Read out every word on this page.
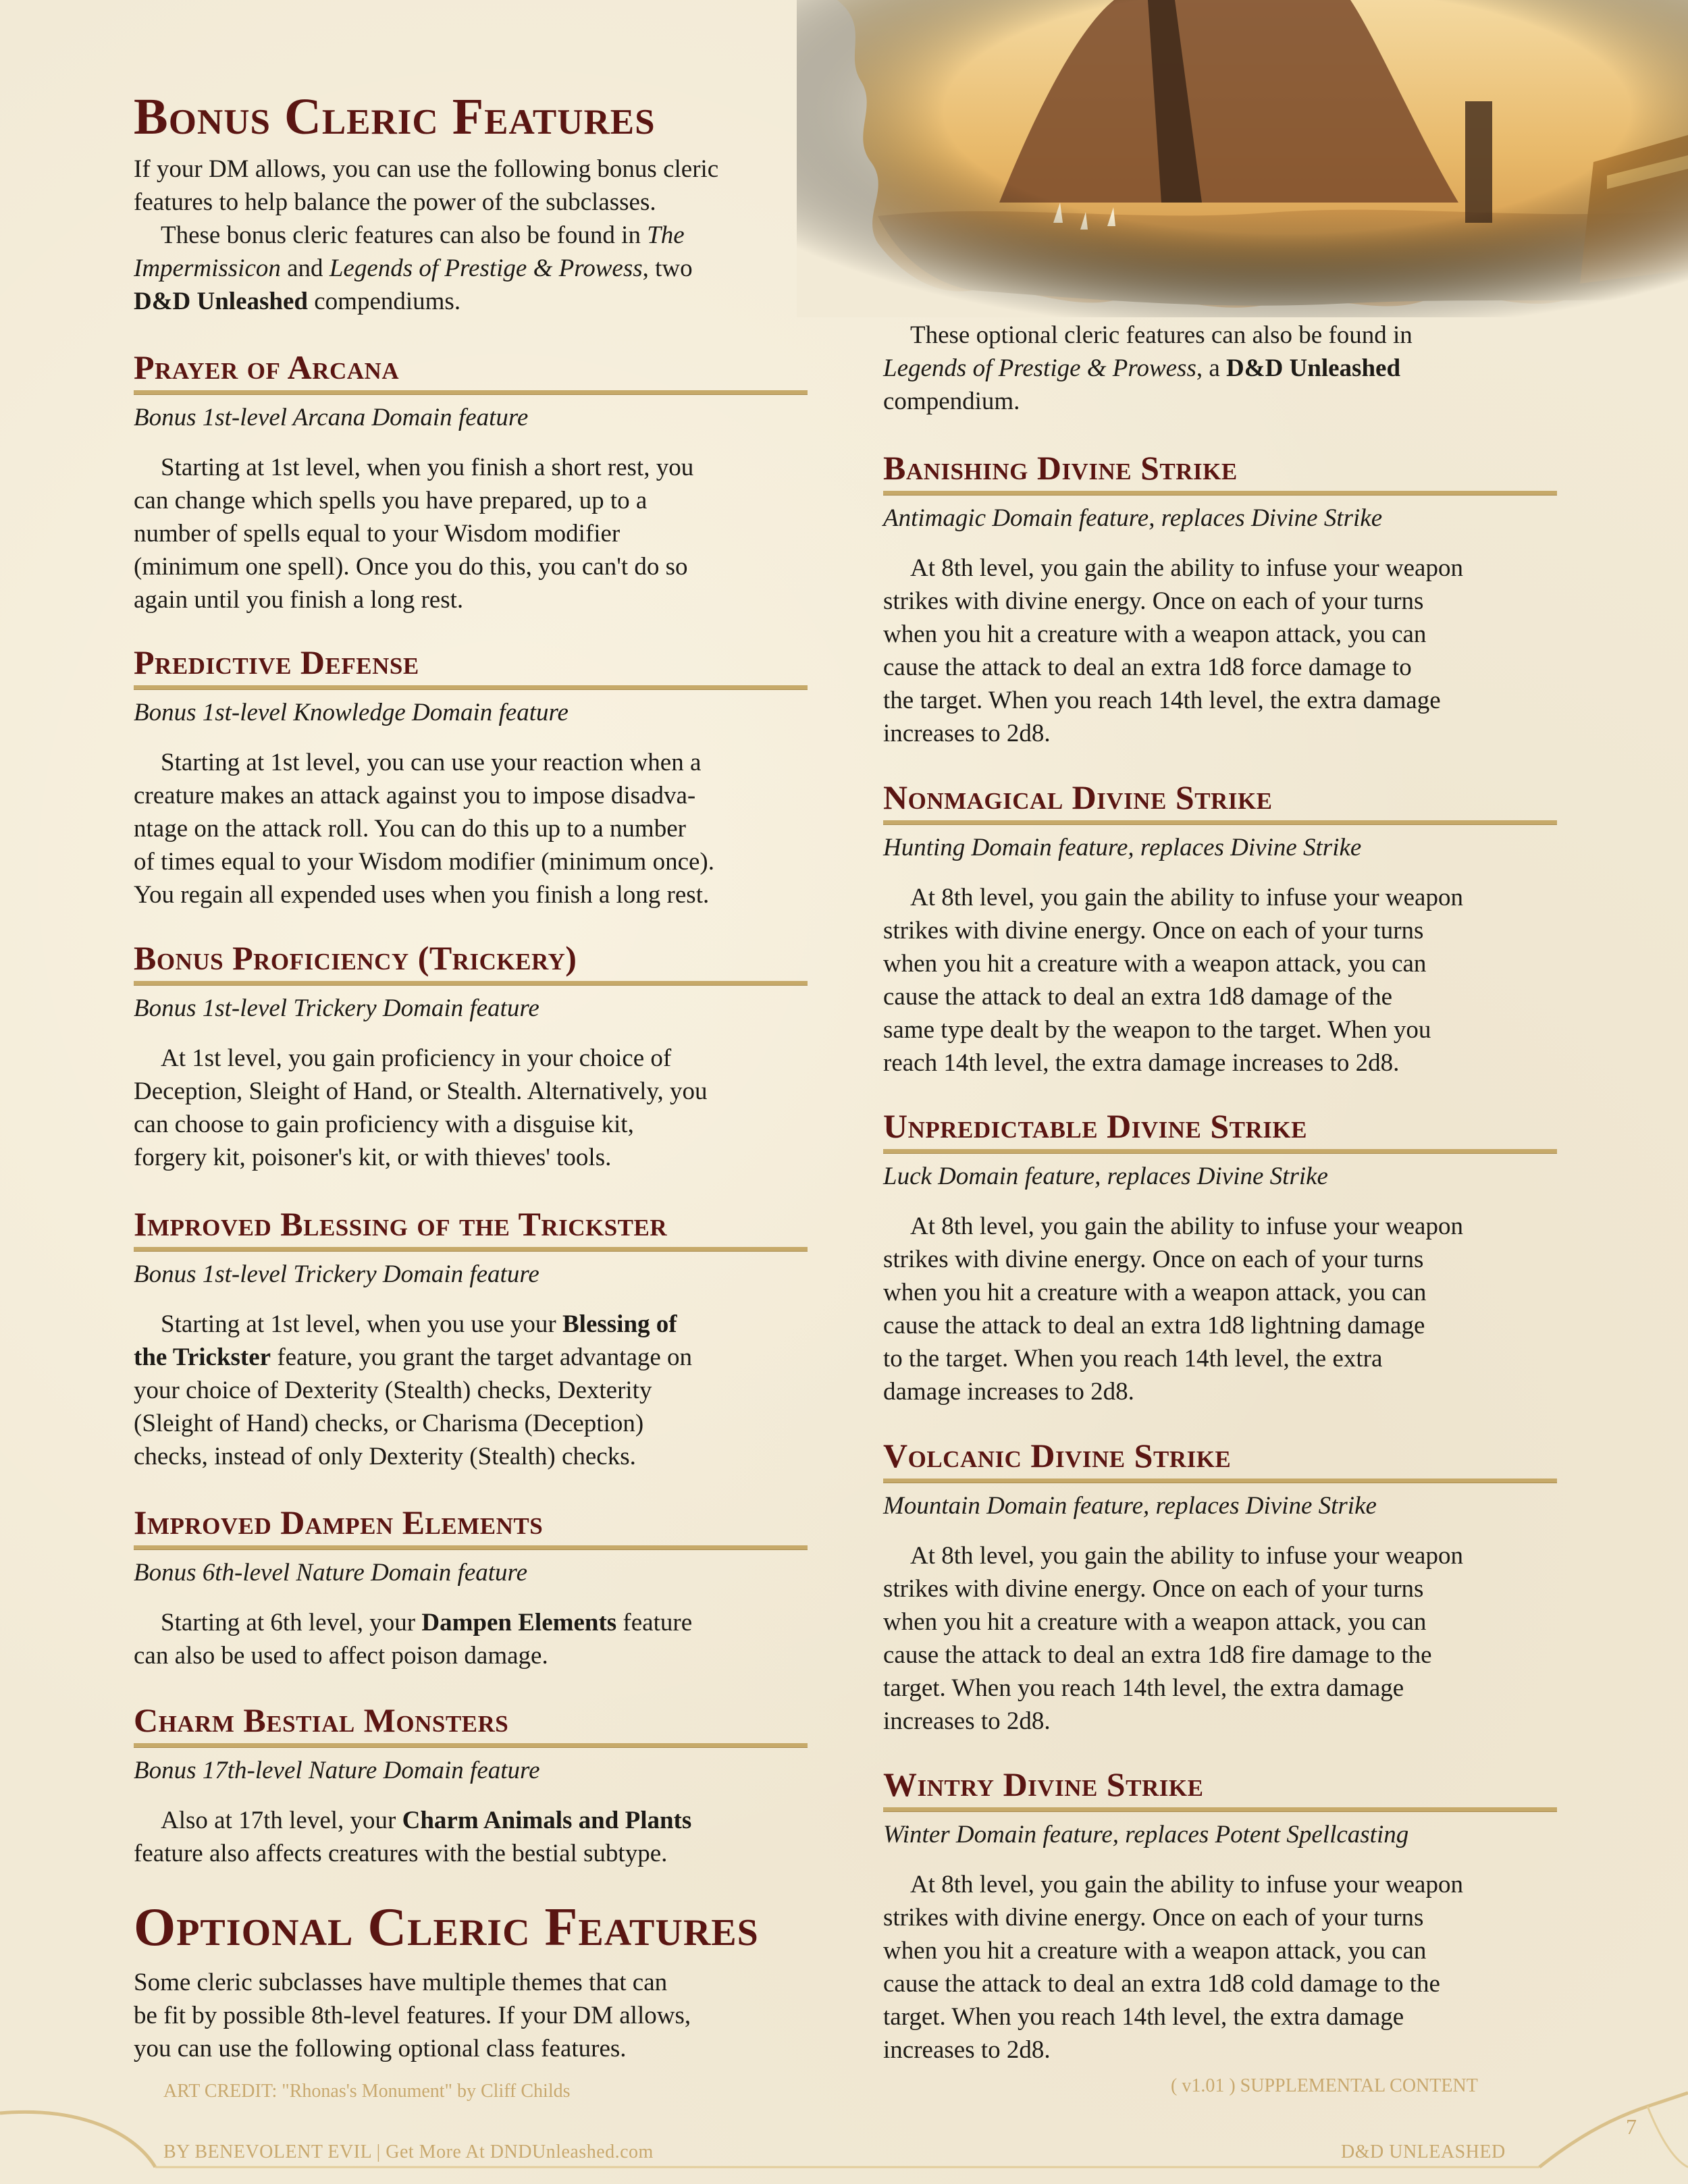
Bonus Cleric Features

If your DM allows, you can use the following bonus cleric

features to help balance the power of the subclasses.

These bonus cleric features can also be found in The

Impermissicon and Legends of Prestige & Prowess, two

D&D Unleashed compendiums.

Prayer of Arcana

Bonus 1st-level Arcana Domain feature

Starting at 1st level, when you finish a short rest, you

can change which spells you have prepared, up to a

number of spells equal to your Wisdom modifier

(minimum one spell). Once you do this, you can't do so

again until you finish a long rest.

Predictive Defense

Bonus 1st-level Knowledge Domain feature

Starting at 1st level, you can use your reaction when a

creature makes an attack against you to impose disadva-

ntage on the attack roll. You can do this up to a number

of times equal to your Wisdom modifier (minimum once).

You regain all expended uses when you finish a long rest.

Bonus Proficiency (Trickery)

Bonus 1st-level Trickery Domain feature

At 1st level, you gain proficiency in your choice of

Deception, Sleight of Hand, or Stealth. Alternatively, you

can choose to gain proficiency with a disguise kit,

forgery kit, poisoner's kit, or with thieves' tools.

Improved Blessing of the Trickster

Bonus 1st-level Trickery Domain feature

Starting at 1st level, when you use your Blessing of

the Trickster feature, you grant the target advantage on

your choice of Dexterity (Stealth) checks, Dexterity

(Sleight of Hand) checks, or Charisma (Deception)

checks, instead of only Dexterity (Stealth) checks.

Improved Dampen Elements

Bonus 6th-level Nature Domain feature

Starting at 6th level, your Dampen Elements feature

can also be used to affect poison damage.

Charm Bestial Monsters

Bonus 17th-level Nature Domain feature

Also at 17th level, your Charm Animals and Plants

feature also affects creatures with the bestial subtype.

Optional Cleric Features

Some cleric subclasses have multiple themes that can

be fit by possible 8th-level features. If your DM allows,

you can use the following optional class features.

These optional cleric features can also be found in

Legends of Prestige & Prowess, a D&D Unleashed

compendium.

Banishing Divine Strike

Antimagic Domain feature, replaces Divine Strike

At 8th level, you gain the ability to infuse your weapon

strikes with divine energy. Once on each of your turns

when you hit a creature with a weapon attack, you can

cause the attack to deal an extra 1d8 force damage to

the target. When you reach 14th level, the extra damage

increases to 2d8.

Nonmagical Divine Strike

Hunting Domain feature, replaces Divine Strike

At 8th level, you gain the ability to infuse your weapon

strikes with divine energy. Once on each of your turns

when you hit a creature with a weapon attack, you can

cause the attack to deal an extra 1d8 damage of the

same type dealt by the weapon to the target. When you

reach 14th level, the extra damage increases to 2d8.

Unpredictable Divine Strike

Luck Domain feature, replaces Divine Strike

At 8th level, you gain the ability to infuse your weapon

strikes with divine energy. Once on each of your turns

when you hit a creature with a weapon attack, you can

cause the attack to deal an extra 1d8 lightning damage

to the target. When you reach 14th level, the extra

damage increases to 2d8.

Volcanic Divine Strike

Mountain Domain feature, replaces Divine Strike

At 8th level, you gain the ability to infuse your weapon

strikes with divine energy. Once on each of your turns

when you hit a creature with a weapon attack, you can

cause the attack to deal an extra 1d8 fire damage to the

target. When you reach 14th level, the extra damage

increases to 2d8.

Wintry Divine Strike

Winter Domain feature, replaces Potent Spellcasting

At 8th level, you gain the ability to infuse your weapon

strikes with divine energy. Once on each of your turns

when you hit a creature with a weapon attack, you can

cause the attack to deal an extra 1d8 cold damage to the

target. When you reach 14th level, the extra damage

increases to 2d8.

ART CREDIT: "Rhonas's Monument" by Cliff Childs	( v1.01 ) SUPPLEMENTAL CONTENT
BY BENEVOLENT EVIL | Get More At DNDUnleashed.com	D&D UNLEASHED
7
